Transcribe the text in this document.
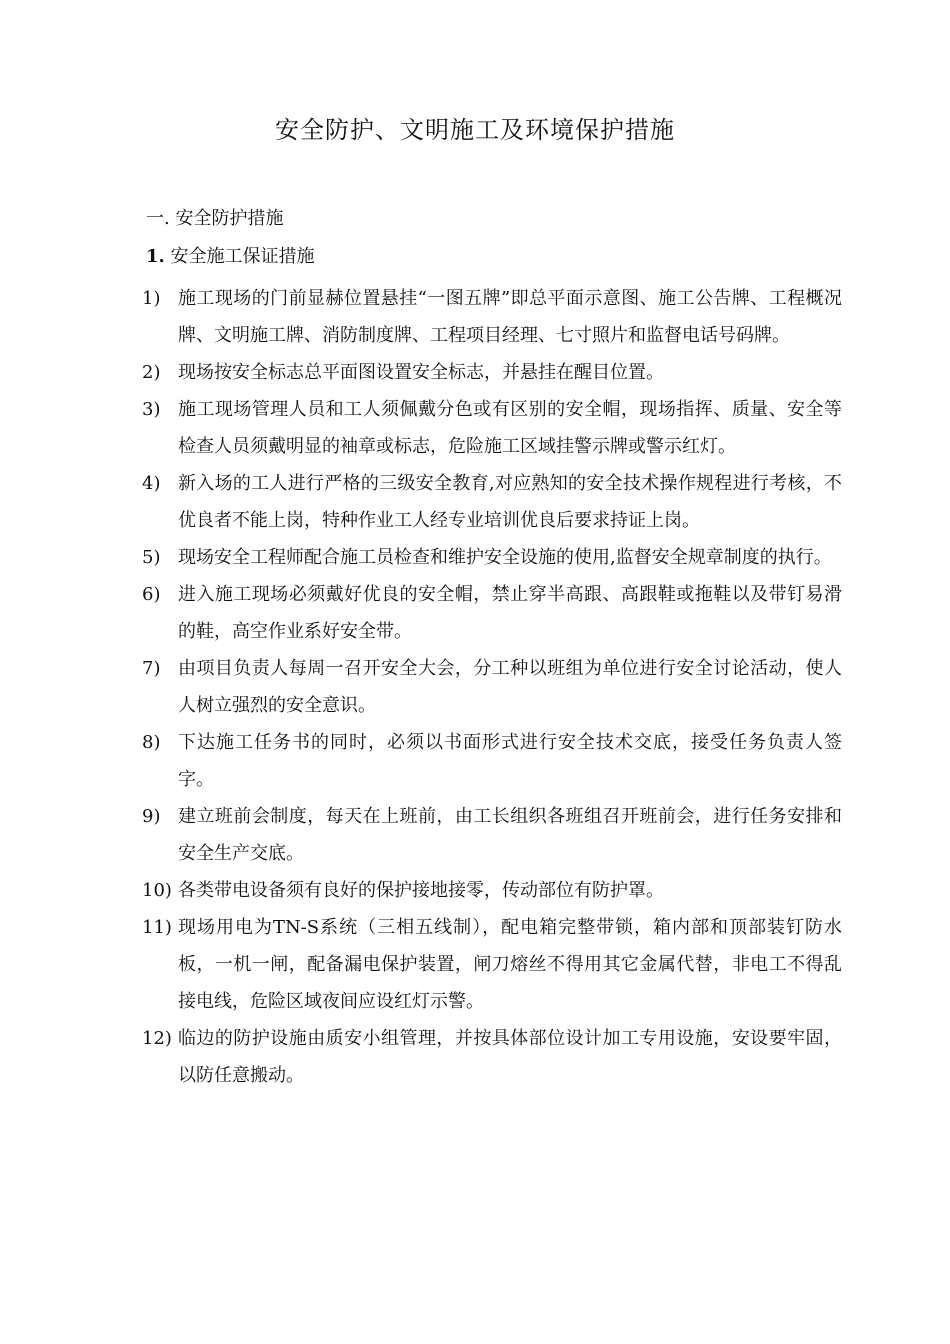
安全防护、文明施工及环境保护措施
一. 安全防护措施
1. 安全施工保证措施
1) 施工现场的门前显赫位置悬挂“一图五牌”即总平面示意图、施工公告牌、工程概况牌、文明施工牌、消防制度牌、工程项目经理、七寸照片和监督电话号码牌。
2) 现场按安全标志总平面图设置安全标志，并悬挂在醒目位置。
3) 施工现场管理人员和工人须佩戴分色或有区别的安全帽，现场指挥、质量、安全等检查人员须戴明显的袖章或标志，危险施工区域挂警示牌或警示红灯。
4) 新入场的工人进行严格的三级安全教育,对应熟知的安全技术操作规程进行考核，不优良者不能上岗，特种作业工人经专业培训优良后要求持证上岗。
5) 现场安全工程师配合施工员检查和维护安全设施的使用,监督安全规章制度的执行。
6) 进入施工现场必须戴好优良的安全帽，禁止穿半高跟、高跟鞋或拖鞋以及带钉易滑的鞋，高空作业系好安全带。
7) 由项目负责人每周一召开安全大会，分工种以班组为单位进行安全讨论活动，使人人树立强烈的安全意识。
8) 下达施工任务书的同时，必须以书面形式进行安全技术交底，接受任务负责人签字。
9) 建立班前会制度，每天在上班前，由工长组织各班组召开班前会，进行任务安排和安全生产交底。
10) 各类带电设备须有良好的保护接地接零，传动部位有防护罩。
11) 现场用电为TN-S系统（三相五线制），配电箱完整带锁，箱内部和顶部装钉防水板，一机一闸，配备漏电保护装置，闸刀熔丝不得用其它金属代替，非电工不得乱接电线，危险区域夜间应设红灯示警。
12) 临边的防护设施由质安小组管理，并按具体部位设计加工专用设施，安设要牢固，以防任意搬动。
